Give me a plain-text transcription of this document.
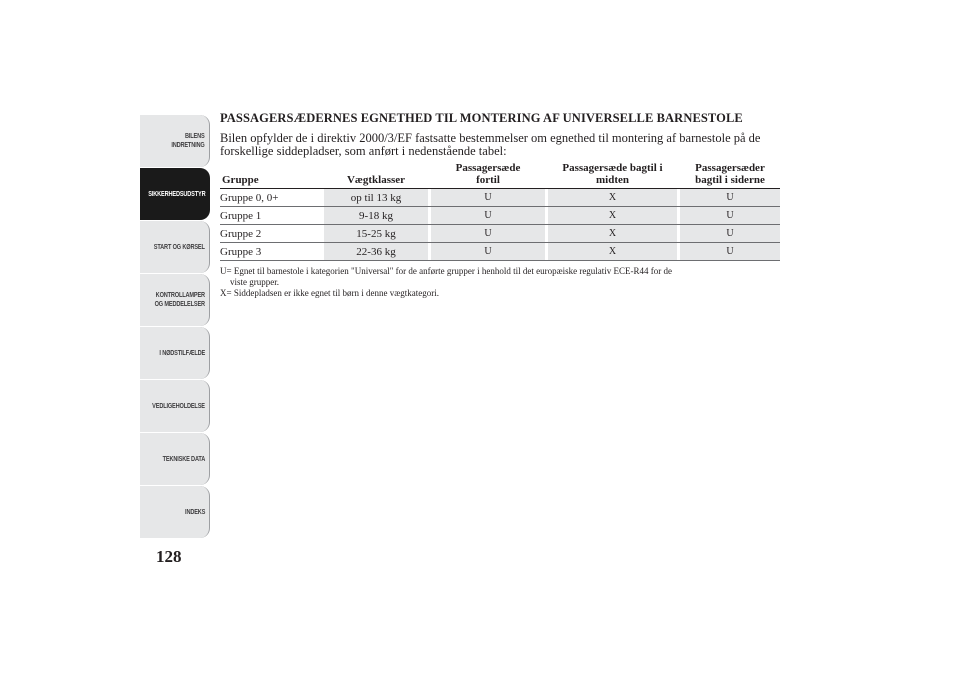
BILENS
INDRETNING
SIKKERHEDSUDSTYR
START OG KØRSEL
KONTROLLAMPER
OG MEDDELELSER
I NØDSTILFÆLDE
VEDLIGEHOLDELSE
TEKNISKE DATA
INDEKS
128
PASSAGERSÆDERNES EGNETHED TIL MONTERING AF UNIVERSELLE BARNESTOLE

Bilen opfylder de i direktiv 2000/3/EF fastsatte bestemmelser om egnethed til montering af barnestole på de forskellige siddepladser, som anført i nedenstående tabel:

Gruppe	Vægtklasser		Passagersæde
fortil		Passagersæde bagtil i
midten		Passagersæder
bagtil i siderne
Gruppe 0, 0+	op til 13 kg		U		X		U
Gruppe 1	9-18 kg		U		X		U
Gruppe 2	15-25 kg		U		X		U
Gruppe 3	22-36 kg		U		X		U

U= Egnet til barnestole i kategorien "Universal" for de anførte grupper i henhold til det europæiske regulativ ECE-R44 for de

viste grupper.

X= Siddepladsen er ikke egnet til børn i denne vægtkategori.
